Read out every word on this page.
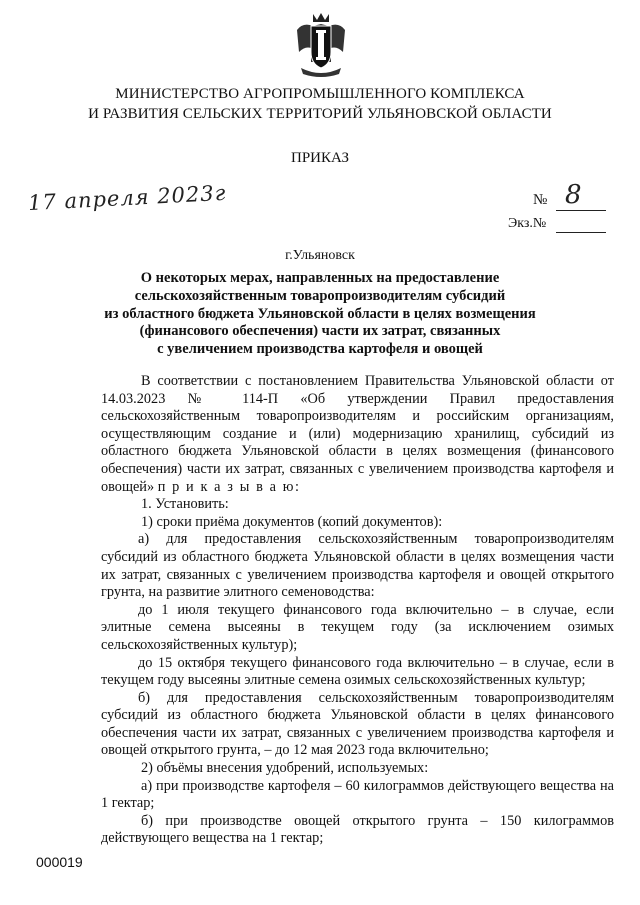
МИНИСТЕРСТВО АГРОПРОМЫШЛЕННОГО КОМПЛЕКСА
И РАЗВИТИЯ СЕЛЬСКИХ ТЕРРИТОРИЙ УЛЬЯНОВСКОЙ ОБЛАСТИ
ПРИКАЗ
17 апреля 2023г	№ 8
Экз.№
г.Ульяновск
О некоторых мерах, направленных на предоставление
сельскохозяйственным товаропроизводителям субсидий
из областного бюджета Ульяновской области в целях возмещения
(финансового обеспечения) части их затрат, связанных
с увеличением производства картофеля и овощей

В соответствии с постановлением Правительства Ульяновской области от 14.03.2023 № 114-П «Об утверждении Правил предоставления сельскохозяйственным товаропроизводителям и российским организациям, осуществляющим создание и (или) модернизацию хранилищ, субсидий из областного бюджета Ульяновской области в целях возмещения (финансового обеспечения) части их затрат, связанных с увеличением производства картофеля и овощей» п р и к а з ы в а ю:

1. Установить:

1) сроки приёма документов (копий документов):

а) для предоставления сельскохозяйственным товаропроизводителям субсидий из областного бюджета Ульяновской области в целях возмещения части их затрат, связанных с увеличением производства картофеля и овощей открытого грунта, на развитие элитного семеноводства:

до 1 июля текущего финансового года включительно – в случае, если элитные семена высеяны в текущем году (за исключением озимых сельскохозяйственных культур);

до 15 октября текущего финансового года включительно – в случае, если в текущем году высеяны элитные семена озимых сельскохозяйственных культур;

б) для предоставления сельскохозяйственным товаропроизводителям субсидий из областного бюджета Ульяновской области в целях финансового обеспечения части их затрат, связанных с увеличением производства картофеля и овощей открытого грунта, – до 12 мая 2023 года включительно;

2) объёмы внесения удобрений, используемых:

а) при производстве картофеля – 60 килограммов действующего вещества на 1 гектар;

б) при производстве овощей открытого грунта – 150 килограммов действующего вещества на 1 гектар;

000019
